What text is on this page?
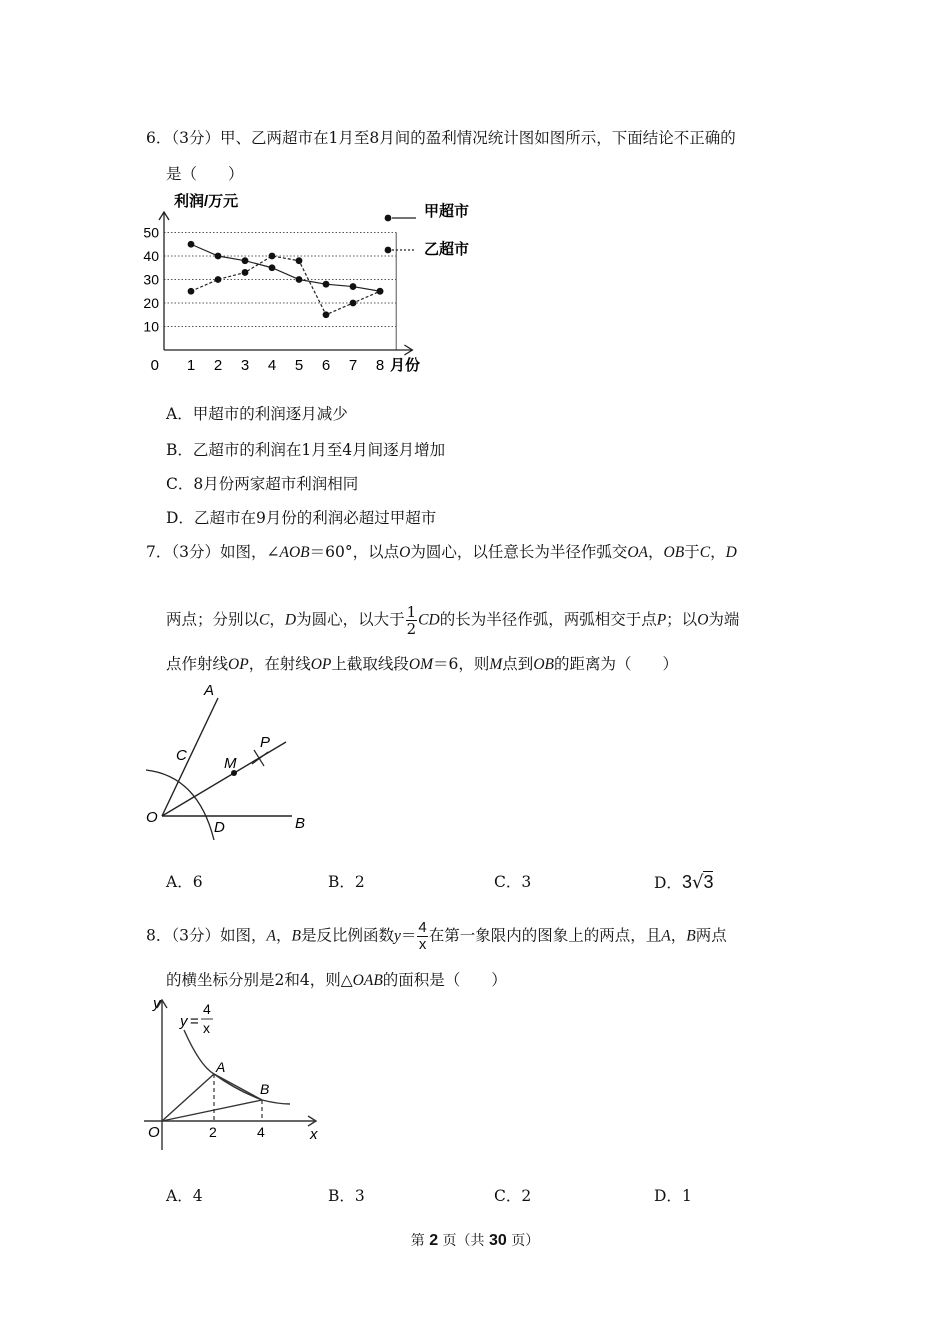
6．（3分）甲、乙两超市在1月至8月间的盈利情况统计图如图所示，下面结论不正确的
是（　　）
10
20
30
40
50
利润/万元
0 1 2 3 4 5 6 7 8 月份
甲超市
乙超市
A．甲超市的利润逐月减少
B．乙超市的利润在1月至4月间逐月增加
C．8月份两家超市利润相同
D．乙超市在9月份的利润必超过甲超市
7．（3分）如图，∠AOB＝60°，以点O为圆心，以任意长为半径作弧交OA，OB于C，D
两点；分别以C，D为圆心，以大于 $\frac{1}{2}$ CD的长为半径作弧，两弧相交于点P；以O为端
点作射线OP，在射线OP上截取线段OM＝6，则M点到OB的距离为（　　）
A
C M
P
O
D	B
A．6	B．2	C．3	D．3√3
8．（3分）如图，A，B是反比例函数$y= \frac{4}{x}$ 在第一象限内的图象上的两点，且A，B两点
的横坐标分别是2和4，则△OAB的面积是（　　）
y
y =
4
x
A
B
O	2	4	x
A．4	B．3	C．2	D．1
第 2 页（共 30 页）
